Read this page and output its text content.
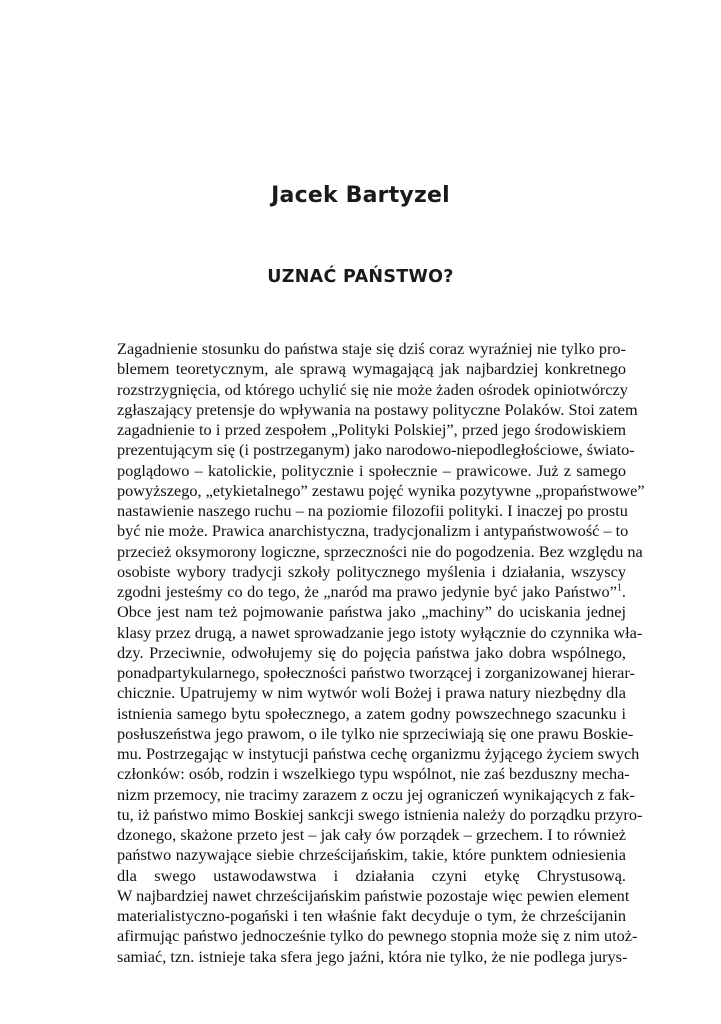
Jacek Bartyzel
UZNAĆ PAŃSTWO?
Zagadnienie stosunku do państwa staje się dziś coraz wyraźniej nie tylko pro-
blemem teoretycznym, ale sprawą wymagającą jak najbardziej konkretnego
rozstrzygnięcia, od którego uchylić się nie może żaden ośrodek opiniotwórczy
zgłaszający pretensje do wpływania na postawy polityczne Polaków. Stoi zatem
zagadnienie to i przed zespołem „Polityki Polskiej”, przed jego środowiskiem
prezentującym się (i postrzeganym) jako narodowo-niepodległościowe, świato-
poglądowo – katolickie, politycznie i społecznie – prawicowe. Już z samego
powyższego, „etykietalnego” zestawu pojęć wynika pozytywne „propaństwowe”
nastawienie naszego ruchu – na poziomie filozofii polityki. I inaczej po prostu
być nie może. Prawica anarchistyczna, tradycjonalizm i antypaństwowość – to
przecież oksymorony logiczne, sprzeczności nie do pogodzenia. Bez względu na
osobiste wybory tradycji szkoły politycznego myślenia i działania, wszyscy
zgodni jesteśmy co do tego, że „naród ma prawo jedynie być jako Państwo”$^1$.
Obce jest nam też pojmowanie państwa jako „machiny” do uciskania jednej
klasy przez drugą, a nawet sprowadzanie jego istoty wyłącznie do czynnika wła-
dzy. Przeciwnie, odwołujemy się do pojęcia państwa jako dobra wspólnego,
ponadpartykularnego, społeczności państwo tworzącej i zorganizowanej hierar-
chicznie. Upatrujemy w nim wytwór woli Bożej i prawa natury niezbędny dla
istnienia samego bytu społecznego, a zatem godny powszechnego szacunku i
posłuszeństwa jego prawom, o ile tylko nie sprzeciwiają się one prawu Boskie-
mu. Postrzegając w instytucji państwa cechę organizmu żyjącego życiem swych
członków: osób, rodzin i wszelkiego typu wspólnot, nie zaś bezduszny mecha-
nizm przemocy, nie tracimy zarazem z oczu jej ograniczeń wynikających z fak-
tu, iż państwo mimo Boskiej sankcji swego istnienia należy do porządku przyro-
dzonego, skażone przeto jest – jak cały ów porządek – grzechem. I to również
państwo nazywające siebie chrześcijańskim, takie, które punktem odniesienia
dla swego ustawodawstwa i działania czyni etykę Chrystusową.
W najbardziej nawet chrześcijańskim państwie pozostaje więc pewien element
materialistyczno-pogański i ten właśnie fakt decyduje o tym, że chrześcijanin
afirmując państwo jednocześnie tylko do pewnego stopnia może się z nim utoż-
samiać, tzn. istnieje taka sfera jego jaźni, która nie tylko, że nie podlega jurys-
